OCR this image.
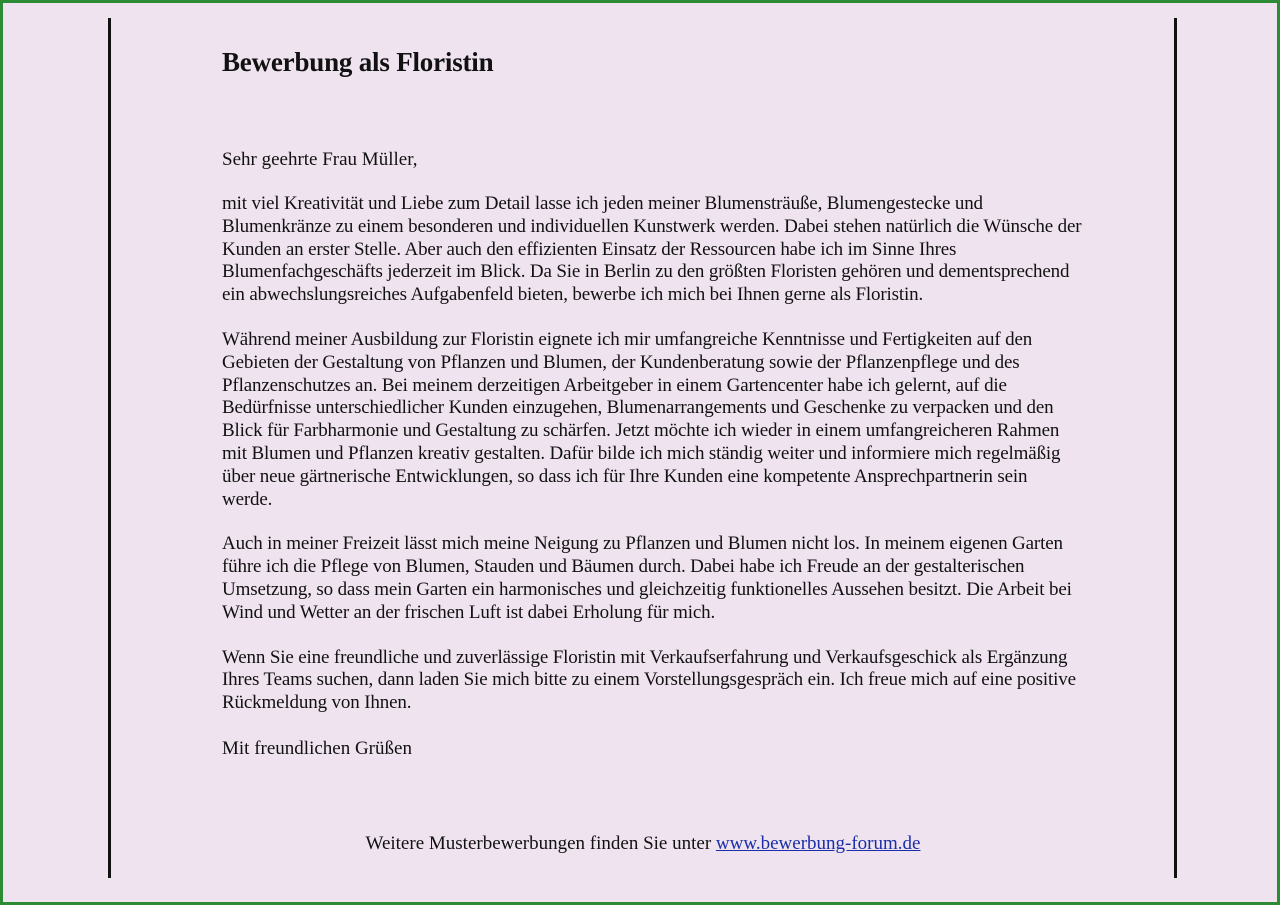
Bewerbung als Floristin
Sehr geehrte Frau Müller,

mit viel Kreativität und Liebe zum Detail lasse ich jeden meiner Blumensträuße, Blumengestecke und Blumenkränze zu einem besonderen und individuellen Kunstwerk werden. Dabei stehen natürlich die Wünsche der Kunden an erster Stelle. Aber auch den effizienten Einsatz der Ressourcen habe ich im Sinne Ihres Blumenfachgeschäfts jederzeit im Blick. Da Sie in Berlin zu den größten Floristen gehören und dementsprechend ein abwechslungsreiches Aufgabenfeld bieten, bewerbe ich mich bei Ihnen gerne als Floristin.

Während meiner Ausbildung zur Floristin eignete ich mir umfangreiche Kenntnisse und Fertigkeiten auf den Gebieten der Gestaltung von Pflanzen und Blumen, der Kundenberatung sowie der Pflanzenpflege und des Pflanzenschutzes an. Bei meinem derzeitigen Arbeitgeber in einem Gartencenter habe ich gelernt, auf die Bedürfnisse unterschiedlicher Kunden einzugehen, Blumenarrangements und Geschenke zu verpacken und den Blick für Farbharmonie und Gestaltung zu schärfen. Jetzt möchte ich wieder in einem umfangreicheren Rahmen mit Blumen und Pflanzen kreativ gestalten. Dafür bilde ich mich ständig weiter und informiere mich regelmäßig über neue gärtnerische Entwicklungen, so dass ich für Ihre Kunden eine kompetente Ansprechpartnerin sein werde.

Auch in meiner Freizeit lässt mich meine Neigung zu Pflanzen und Blumen nicht los. In meinem eigenen Garten führe ich die Pflege von Blumen, Stauden und Bäumen durch. Dabei habe ich Freude an der gestalterischen Umsetzung, so dass mein Garten ein harmonisches und gleichzeitig funktionelles Aussehen besitzt. Die Arbeit bei Wind und Wetter an der frischen Luft ist dabei Erholung für mich.

Wenn Sie eine freundliche und zuverlässige Floristin mit Verkaufserfahrung und Verkaufsgeschick als Ergänzung Ihres Teams suchen, dann laden Sie mich bitte zu einem Vorstellungsgespräch ein. Ich freue mich auf eine positive Rückmeldung von Ihnen.

Mit freundlichen Grüßen
Weitere Musterbewerbungen finden Sie unter www.bewerbung-forum.de
